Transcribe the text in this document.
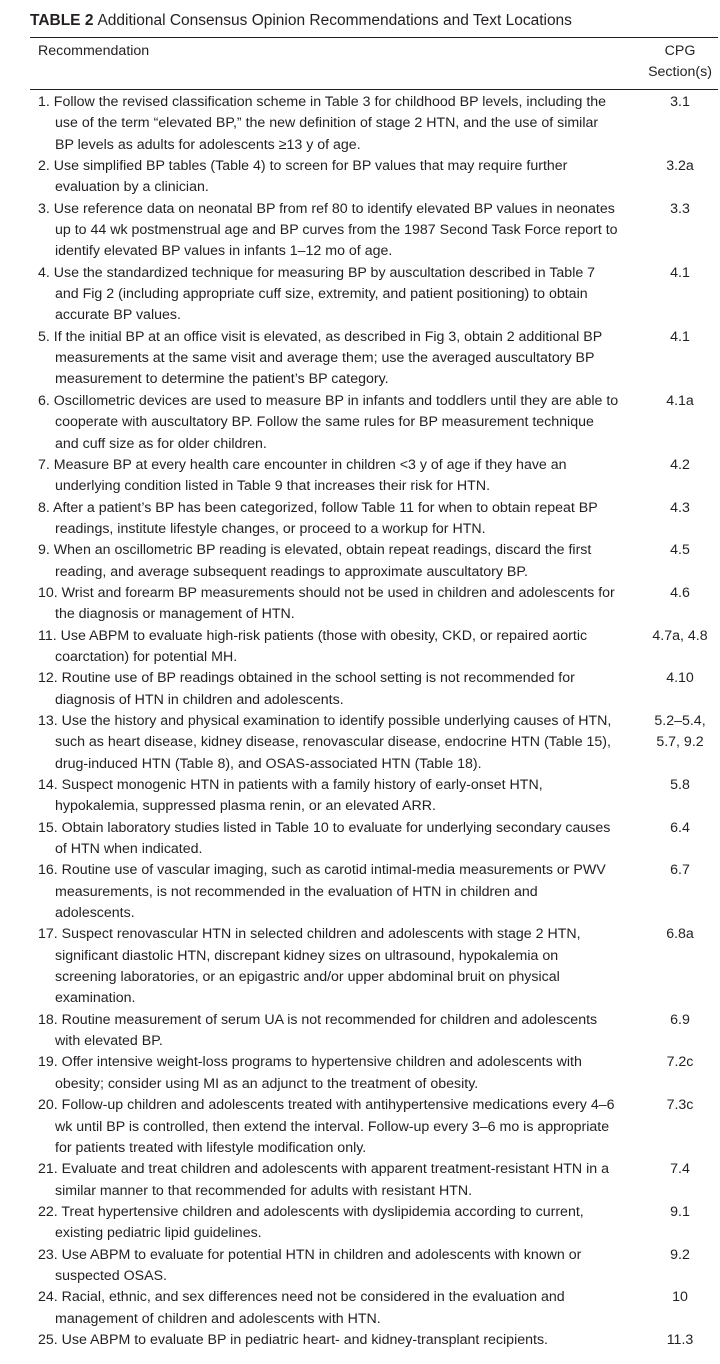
TABLE 2 Additional Consensus Opinion Recommendations and Text Locations
Recommendation	CPG
Section(s)
1. Follow the revised classification scheme in Table 3 for childhood BP levels, including the use of the term “elevated BP,” the new definition of stage 2 HTN, and the use of similar BP levels as adults for adolescents ≥13 y of age.
3.1
2. Use simplified BP tables (Table 4) to screen for BP values that may require further evaluation by a clinician.
3.2a
3. Use reference data on neonatal BP from ref 80 to identify elevated BP values in neonates up to 44 wk postmenstrual age and BP curves from the 1987 Second Task Force report to identify elevated BP values in infants 1–12 mo of age.
3.3
4. Use the standardized technique for measuring BP by auscultation described in Table 7 and Fig 2 (including appropriate cuff size, extremity, and patient positioning) to obtain accurate BP values.
4.1
5. If the initial BP at an office visit is elevated, as described in Fig 3, obtain 2 additional BP measurements at the same visit and average them; use the averaged auscultatory BP measurement to determine the patient’s BP category.
4.1
6. Oscillometric devices are used to measure BP in infants and toddlers until they are able to cooperate with auscultatory BP. Follow the same rules for BP measurement technique and cuff size as for older children.
4.1a
7. Measure BP at every health care encounter in children <3 y of age if they have an underlying condition listed in Table 9 that increases their risk for HTN.
4.2
8. After a patient’s BP has been categorized, follow Table 11 for when to obtain repeat BP readings, institute lifestyle changes, or proceed to a workup for HTN.
4.3
9. When an oscillometric BP reading is elevated, obtain repeat readings, discard the first reading, and average subsequent readings to approximate auscultatory BP.
4.5
10. Wrist and forearm BP measurements should not be used in children and adolescents for the diagnosis or management of HTN.
4.6
11. Use ABPM to evaluate high-risk patients (those with obesity, CKD, or repaired aortic coarctation) for potential MH.
4.7a, 4.8
12. Routine use of BP readings obtained in the school setting is not recommended for diagnosis of HTN in children and adolescents.
4.10
13. Use the history and physical examination to identify possible underlying causes of HTN, such as heart disease, kidney disease, renovascular disease, endocrine HTN (Table 15), drug-induced HTN (Table 8), and OSAS-associated HTN (Table 18).
5.2–5.4, 5.7, 9.2
14. Suspect monogenic HTN in patients with a family history of early-onset HTN, hypokalemia, suppressed plasma renin, or an elevated ARR.
5.8
15. Obtain laboratory studies listed in Table 10 to evaluate for underlying secondary causes of HTN when indicated.
6.4
16. Routine use of vascular imaging, such as carotid intimal-media measurements or PWV measurements, is not recommended in the evaluation of HTN in children and adolescents.
6.7
17. Suspect renovascular HTN in selected children and adolescents with stage 2 HTN, significant diastolic HTN, discrepant kidney sizes on ultrasound, hypokalemia on screening laboratories, or an epigastric and/or upper abdominal bruit on physical examination.
6.8a
18. Routine measurement of serum UA is not recommended for children and adolescents with elevated BP.
6.9
19. Offer intensive weight-loss programs to hypertensive children and adolescents with obesity; consider using MI as an adjunct to the treatment of obesity.
7.2c
20. Follow-up children and adolescents treated with antihypertensive medications every 4–6 wk until BP is controlled, then extend the interval. Follow-up every 3–6 mo is appropriate for patients treated with lifestyle modification only.
7.3c
21. Evaluate and treat children and adolescents with apparent treatment-resistant HTN in a similar manner to that recommended for adults with resistant HTN.
7.4
22. Treat hypertensive children and adolescents with dyslipidemia according to current, existing pediatric lipid guidelines.
9.1
23. Use ABPM to evaluate for potential HTN in children and adolescents with known or suspected OSAS.
9.2
24. Racial, ethnic, and sex differences need not be considered in the evaluation and management of children and adolescents with HTN.
10
25. Use ABPM to evaluate BP in pediatric heart- and kidney-transplant recipients.	11.3
